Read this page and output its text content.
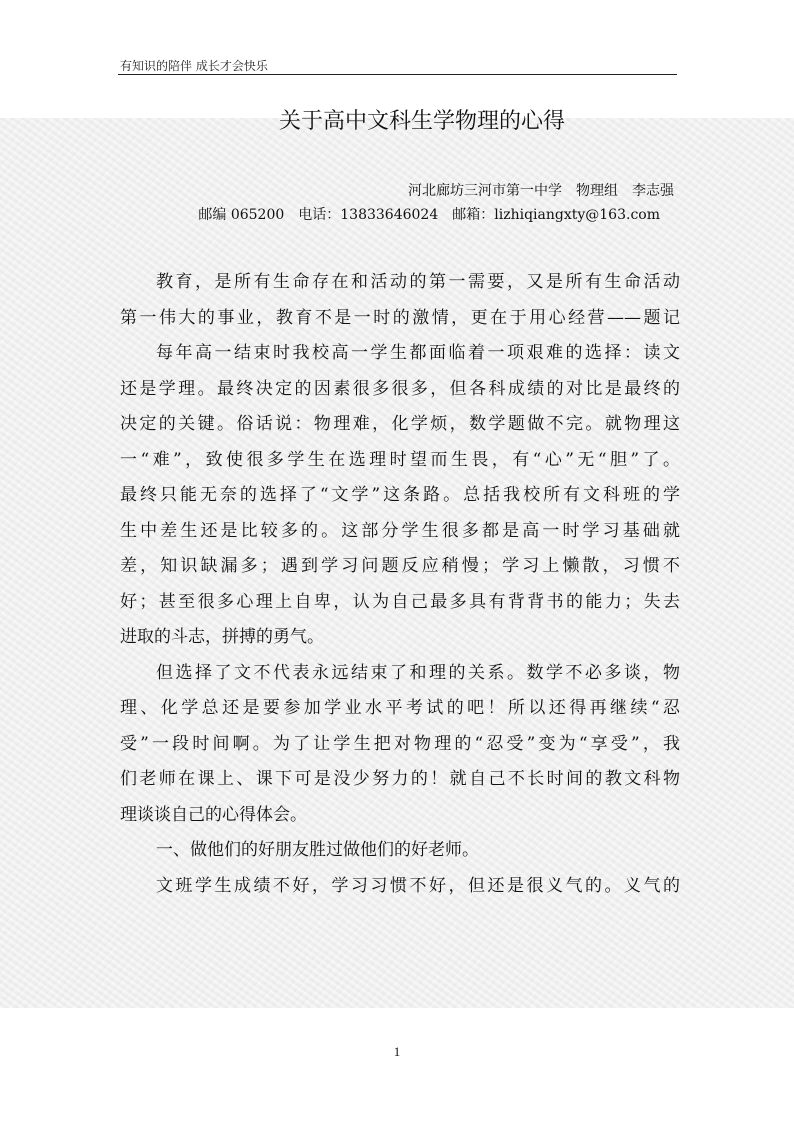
有知识的陪伴 成长才会快乐
关于高中文科生学物理的心得
河北廊坊三河市第一中学　物理组　李志强
邮编 065200　电话：13833646024　邮箱：lizhiqiangxty@163.com
教育，是所有生命存在和活动的第一需要，又是所有生命活动
第一伟大的事业，教育不是一时的激情，更在于用心经营——题记
每年高一结束时我校高一学生都面临着一项艰难的选择：读文
还是学理。最终决定的因素很多很多，但各科成绩的对比是最终的
决定的关键。俗话说：物理难，化学烦，数学题做不完。就物理这
一“难”，致使很多学生在选理时望而生畏，有“心”无“胆”了。
最终只能无奈的选择了“文学”这条路。总括我校所有文科班的学
生中差生还是比较多的。这部分学生很多都是高一时学习基础就
差，知识缺漏多；遇到学习问题反应稍慢；学习上懒散，习惯不
好；甚至很多心理上自卑，认为自己最多具有背背书的能力；失去
进取的斗志，拼搏的勇气。
但选择了文不代表永远结束了和理的关系。数学不必多谈，物
理、化学总还是要参加学业水平考试的吧！所以还得再继续“忍
受”一段时间啊。为了让学生把对物理的“忍受”变为“享受”，我
们老师在课上、课下可是没少努力的！就自己不长时间的教文科物
理谈谈自己的心得体会。
一、做他们的好朋友胜过做他们的好老师。
文班学生成绩不好，学习习惯不好，但还是很义气的。义气的
1
